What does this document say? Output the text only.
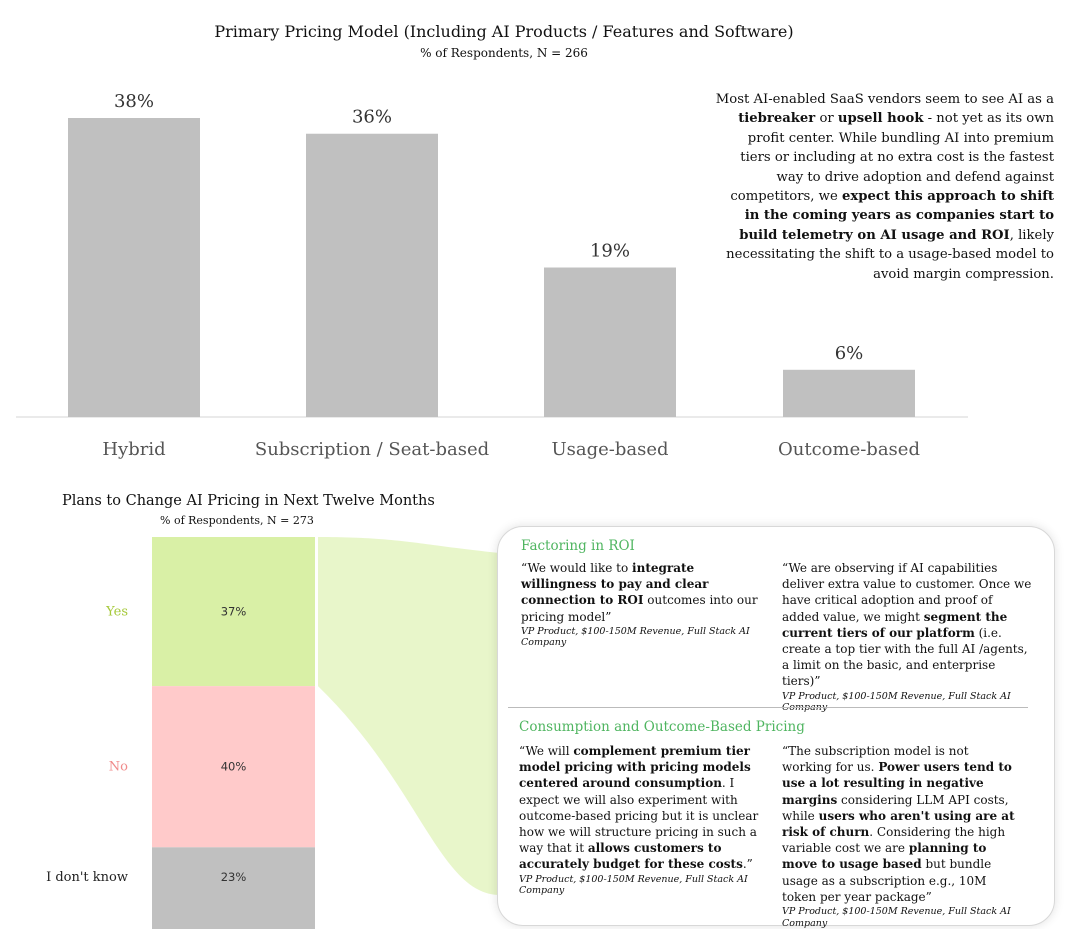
Primary Pricing Model (Including AI Products / Features and Software)
% of Respondents, N = 266
38%
Hybrid
36%
Subscription / Seat-based
19%
Usage-based
6%
Outcome-based
Most AI-enabled SaaS vendors seem to see AI as a tiebreaker or upsell hook - not yet as its own profit center. While bundling AI into premium tiers or including at no extra cost is the fastest way to drive adoption and defend against competitors, we expect this approach to shift in the coming years as companies start to build telemetry on AI usage and ROI, likely necessitating the shift to a usage-based model to avoid margin compression.
Plans to Change AI Pricing in Next Twelve Months
% of Respondents, N = 273
37%
Yes
40%
No
23%
I don't know
Factoring in ROI
“We would like to integrate willingness to pay and clear connection to ROI outcomes into our pricing model”
VP Product, $100-150M Revenue, Full Stack AI Company
“We are observing if AI capabilities deliver extra value to customer. Once we have critical adoption and proof of added value, we might segment the current tiers of our platform (i.e. create a top tier with the full AI /agents, a limit on the basic, and enterprise tiers)”
VP Product, $100-150M Revenue, Full Stack AI Company
Consumption and Outcome-Based Pricing
“We will complement premium tier model pricing with pricing models centered around consumption. I expect we will also experiment with outcome-based pricing but it is unclear how we will structure pricing in such a way that it allows customers to accurately budget for these costs.”
VP Product, $100-150M Revenue, Full Stack AI Company
“The subscription model is not working for us. Power users tend to use a lot resulting in negative margins considering LLM API costs, while users who aren't using are at risk of churn. Considering the high variable cost we are planning to move to usage based but bundle usage as a subscription e.g., 10M token per year package”
VP Product, $100-150M Revenue, Full Stack AI Company
